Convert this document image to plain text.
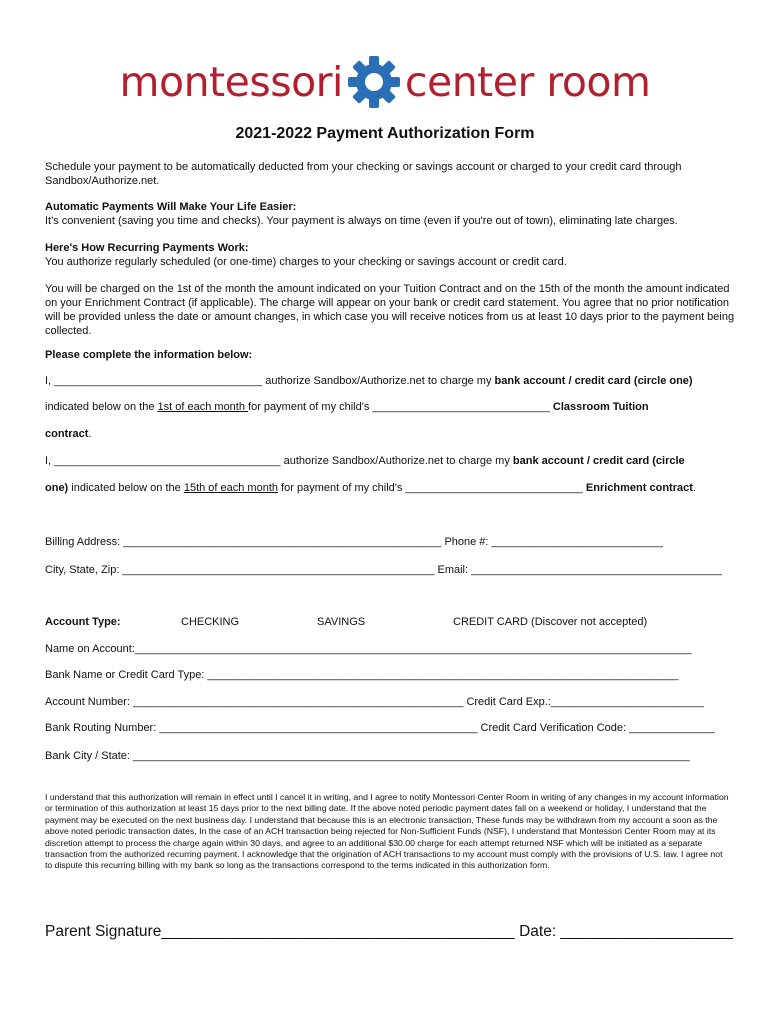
montessori center room
2021-2022 Payment Authorization Form

Schedule your payment to be automatically deducted from your checking or savings account or charged to your credit card through Sandbox/Authorize.net.

Automatic Payments Will Make Your Life Easier:
It's convenient (saving you time and checks). Your payment is always on time (even if you're out of town), eliminating late charges.

Here's How Recurring Payments Work:
You authorize regularly scheduled (or one-time) charges to your checking or savings account or credit card.

You will be charged on the 1st of the month the amount indicated on your Tuition Contract and on the 15th of the month the amount indicated on your Enrichment Contract (if applicable). The charge will appear on your bank or credit card statement. You agree that no prior notification will be provided unless the date or amount changes, in which case you will receive notices from us at least 10 days prior to the payment being collected.

Please complete the information below:

I, __________________________________ authorize Sandbox/Authorize.net to charge my bank account / credit card (circle one)
indicated below on the 1st of each month for payment of my child's _____________________________ Classroom Tuition
contract.
I, _____________________________________ authorize Sandbox/Authorize.net to charge my bank account / credit card (circle
one) indicated below on the 15th of each month for payment of my child's _____________________________ Enrichment contract.
Billing Address: ____________________________________________________ Phone #: ____________________________
City, State, Zip: ___________________________________________________ Email: _________________________________________
Account Type:	CHECKING	SAVINGS	CREDIT CARD (Discover not accepted)
Name on Account:___________________________________________________________________________________________
Bank Name or Credit Card Type: _____________________________________________________________________________
Account Number: ______________________________________________________ Credit Card Exp.:_________________________
Bank Routing Number: ____________________________________________________ Credit Card Verification Code: ______________
Bank City / State: ___________________________________________________________________________________________

I understand that this authorization will remain in effect until I cancel it in writing, and I agree to notify Montessori Center Room in writing of any changes in my account information or termination of this authorization at least 15 days prior to the next billing date. If the above noted periodic payment dates fall on a weekend or holiday, I understand that the payment may be executed on the next business day. I understand that because this is an electronic transaction, These funds may be withdrawn from my account a soon as the above noted periodic transaction dates, In the case of an ACH transaction being rejected for Non-Sufficient Funds (NSF), I understand that Montessori Center Room may at its discretion attempt to process the charge again within 30 days, and agree to an additional $30.00 charge for each attempt returned NSF which will be initiated as a separate transaction from the authorized recurring payment. I acknowledge that the origination of ACH transactions to my account must comply with the provisions of U.S. law. I agree not to dispute this recurring billing with my bank so long as the transactions correspond to the terms indicated in this authorization form.

Parent Signature_________________________________________ Date: ____________________
